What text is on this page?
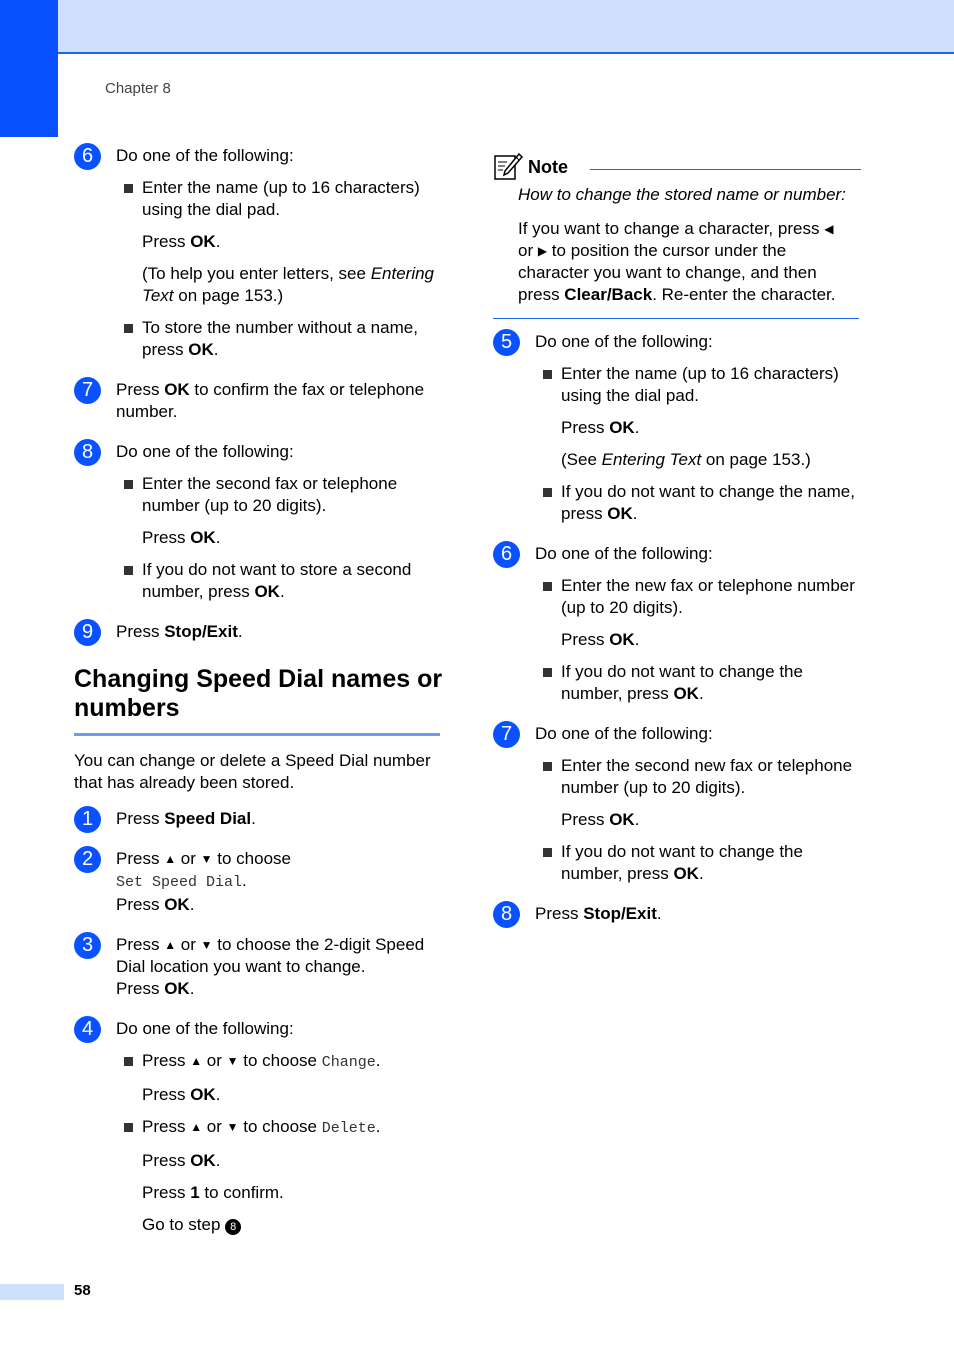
Chapter 8
6	Do one of the following:
Enter the name (up to 16 characters) using the dial pad.
Press OK.
(To help you enter letters, see Entering Text on page 153.)
To store the number without a name, press OK.
7	Press OK to confirm the fax or telephone number.
8	Do one of the following:
Enter the second fax or telephone number (up to 20 digits).
Press OK.
If you do not want to store a second number, press OK.
9	Press Stop/Exit.
Changing Speed Dial names or numbers
You can change or delete a Speed Dial number that has already been stored.
1	Press Speed Dial.
2	Press ▲ or ▼ to choose
Set Speed Dial.
Press OK.
3	Press ▲ or ▼ to choose the 2-digit Speed Dial location you want to change.
Press OK.
4	Do one of the following:
Press ▲ or ▼ to choose Change.
Press OK.
Press ▲ or ▼ to choose Delete.
Press OK.
Press 1 to confirm.
Go to step 8
Note

How to change the stored name or number:

If you want to change a character, press ◀
or ▶ to position the cursor under the character you want to change, and then press Clear/Back. Re-enter the character.

5	Do one of the following:
Enter the name (up to 16 characters) using the dial pad.
Press OK.
(See Entering Text on page 153.)
If you do not want to change the name, press OK.
6	Do one of the following:
Enter the new fax or telephone number (up to 20 digits).
Press OK.
If you do not want to change the number, press OK.
7	Do one of the following:
Enter the second new fax or telephone number (up to 20 digits).
Press OK.
If you do not want to change the number, press OK.
8	Press Stop/Exit.
58
